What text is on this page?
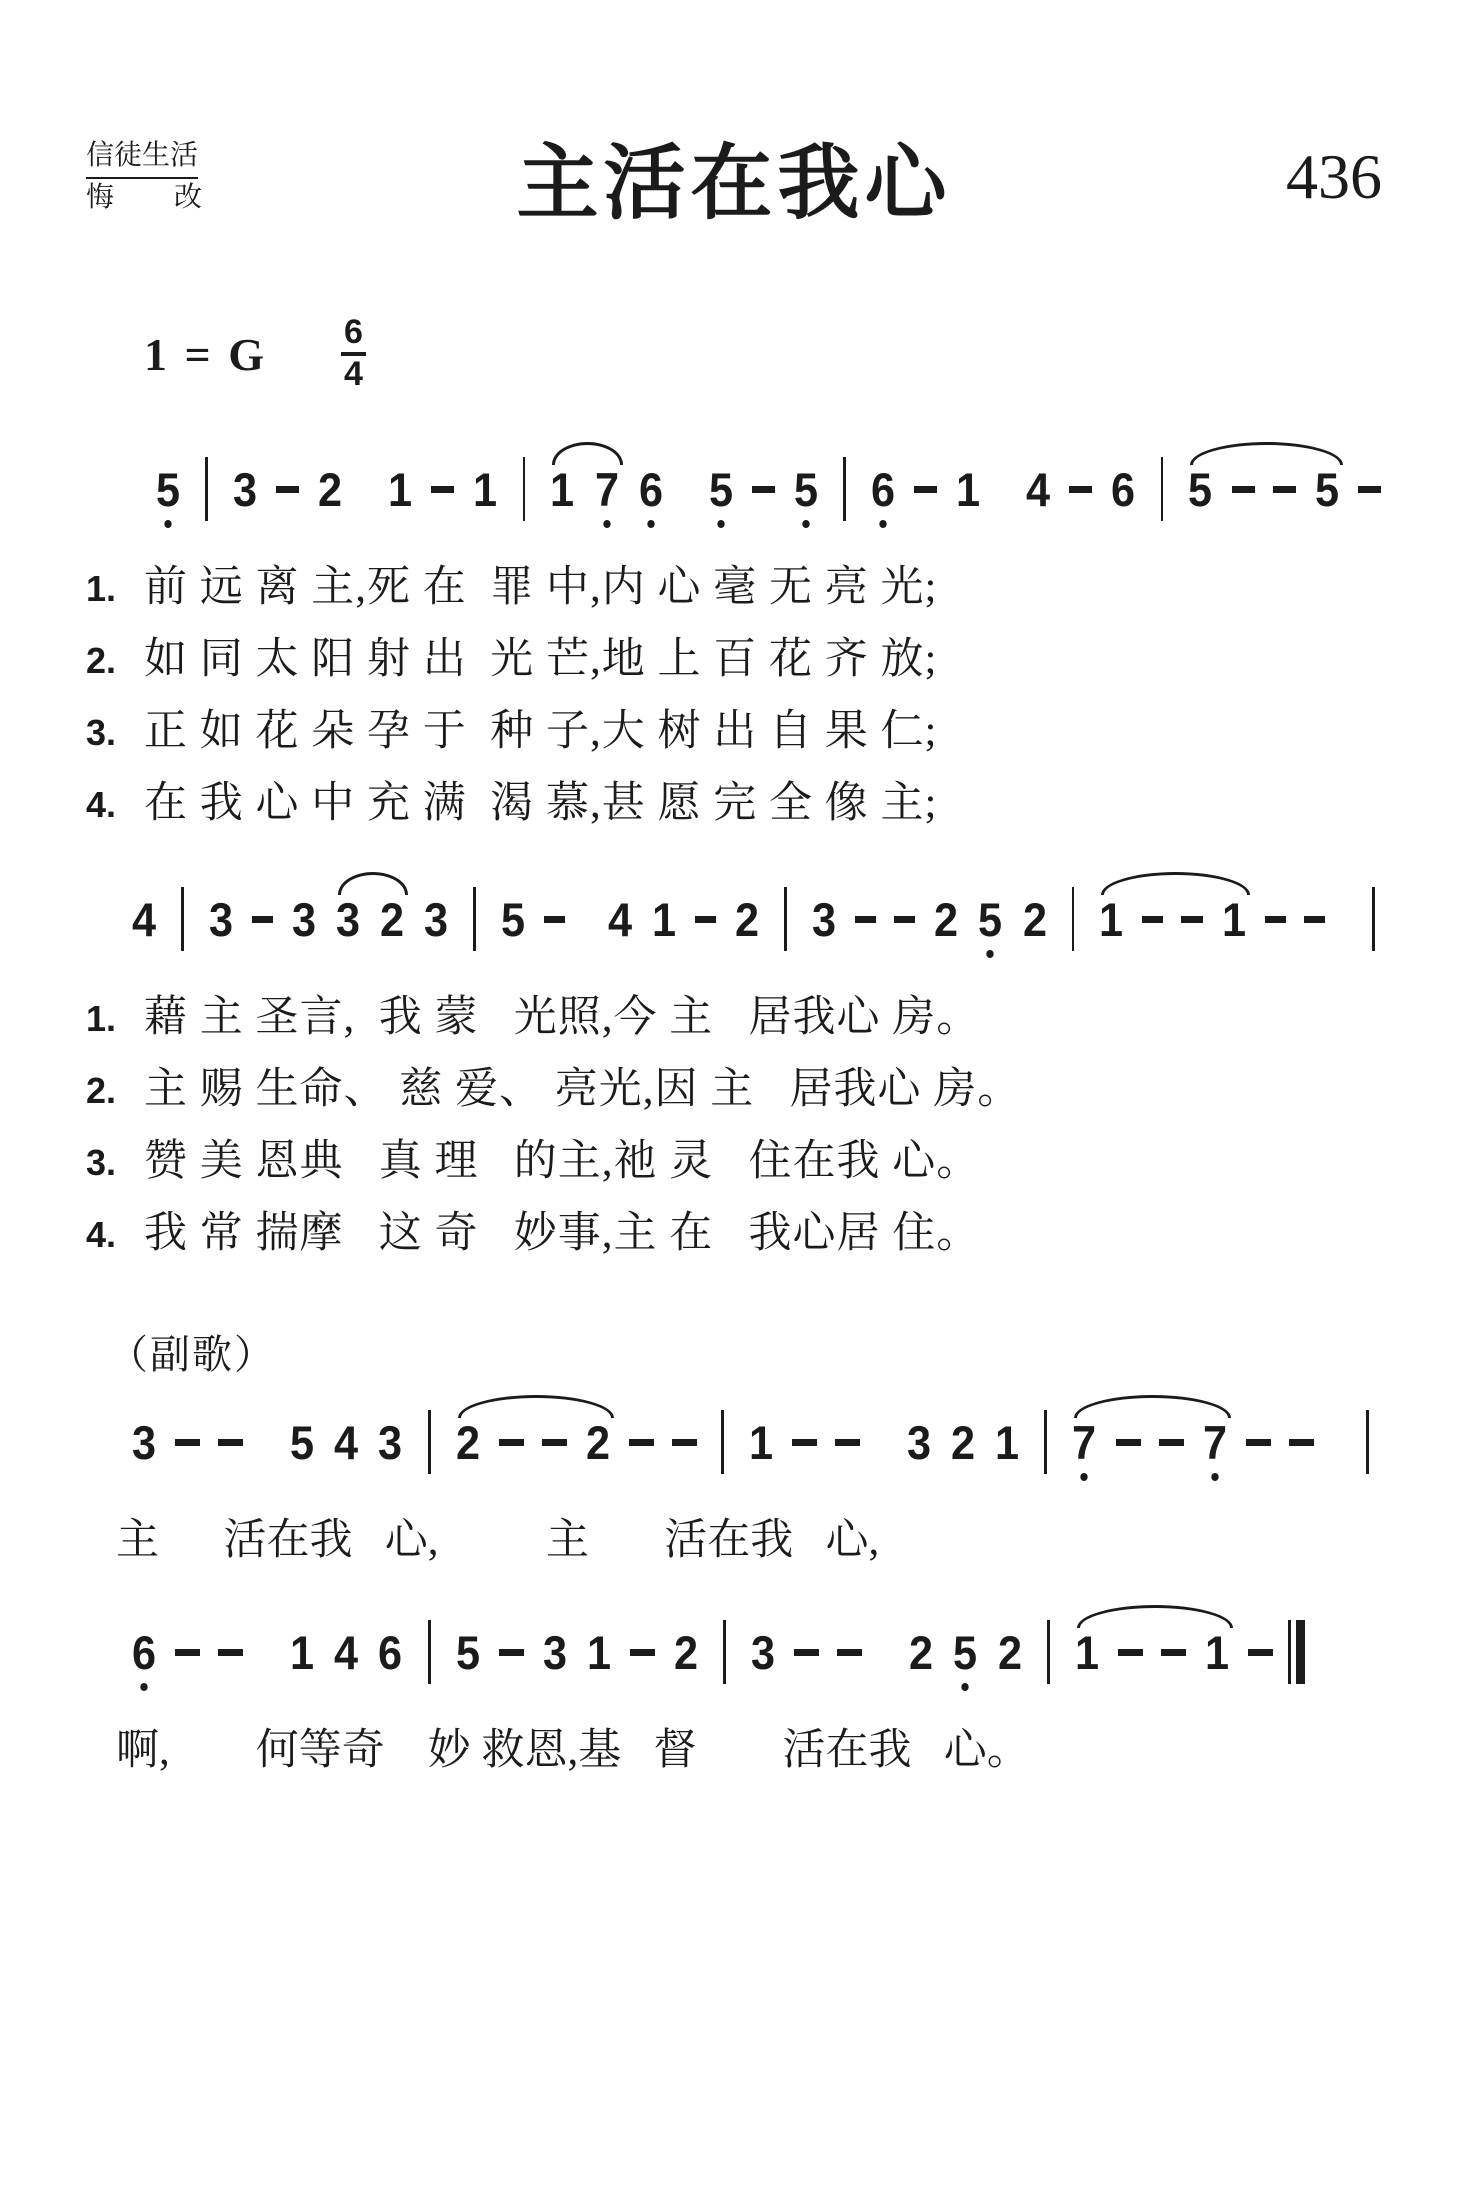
信徒生活
悔 改	主活在我心	436
1 = G $\frac{6}{4}$
5 3 2 1 1 1 7 6 5 5 6 1 4 6 5 5
1. 前 远 离 主,死 在  罪 中,内 心 毫 无 亮 光;
2. 如 同 太 阳 射 出  光 芒,地 上 百 花 齐 放;
3. 正 如 花 朵 孕 于  种 子,大 树 出 自 果 仁;
4. 在 我 心 中 充 满  渴 慕,甚 愿 完 全 像 主;
4 3 3 3 2 3 5 4 1 2 3 2 5 2 1 1
1. 藉 主 圣言,  我 蒙   光照,今 主   居我心 房。
2. 主 赐 生命、 慈 爱、 亮光,因 主   居我心 房。
3. 赞 美 恩典   真 理   的主,祂 灵   住在我 心。
4. 我 常 揣摩   这 奇   妙事,主 在   我心居 住。
（副歌）
3	5 4 3 2 2	1	3 2 1 7 7
主      活在我   心,          主       活在我   心,
6	1 4 6 5 3 1 2 3	2 5 2 1 1
啊,        何等奇    妙 救恩,基   督        活在我   心。
